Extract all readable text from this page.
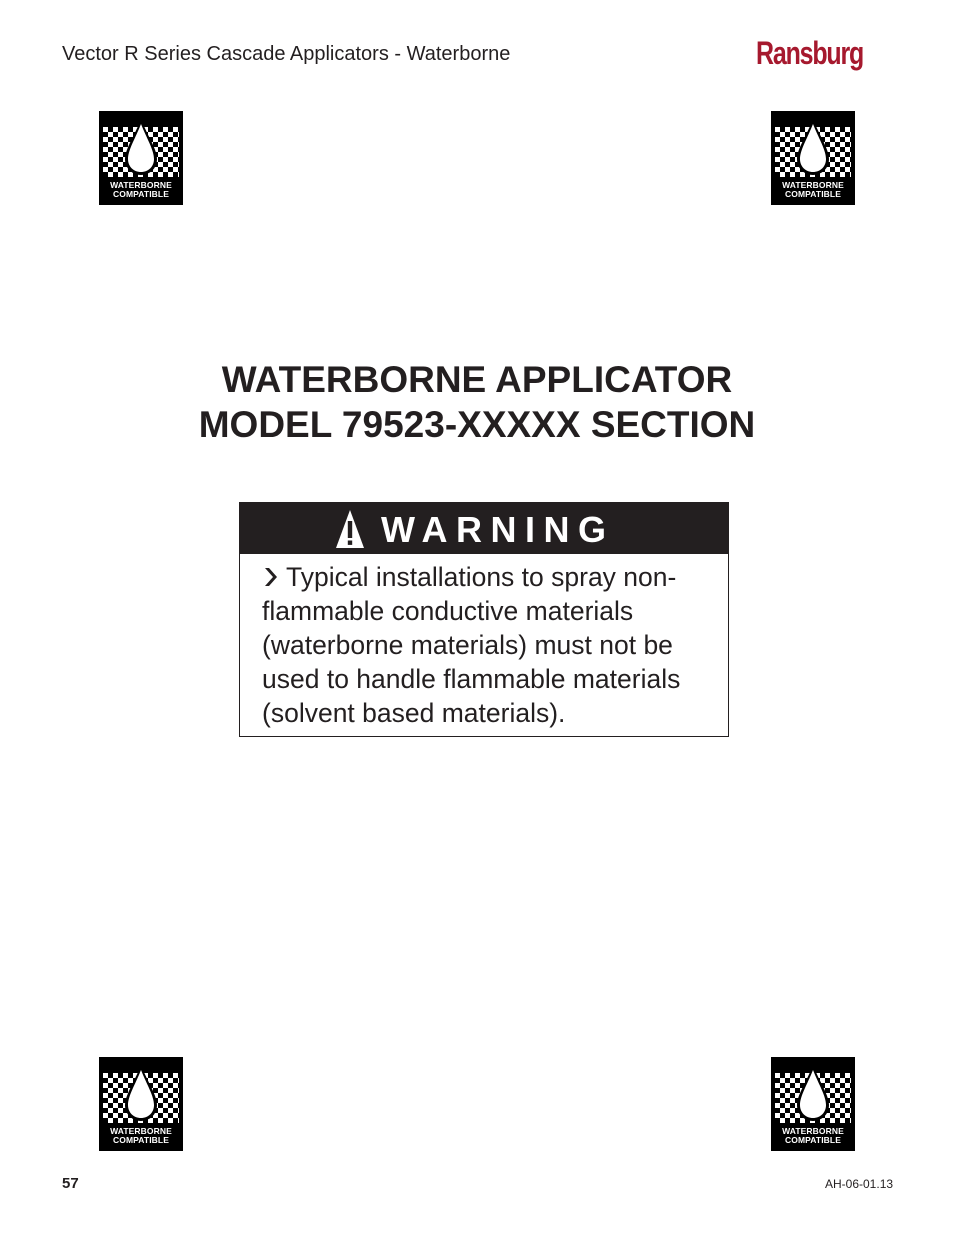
Vector R Series Cascade Applicators - Waterborne	Ransburg
WATERBORNE
COMPATIBLE
WATERBORNE
COMPATIBLE
WATERBORNE APPLICATOR
MODEL 79523-XXXXX SECTION
WARNING
Typical installations to spray non-flammable conductive materials (waterborne materials) must not be used to handle flammable materials (solvent based materials).
WATERBORNE
COMPATIBLE
WATERBORNE
COMPATIBLE
57	AH-06-01.13
